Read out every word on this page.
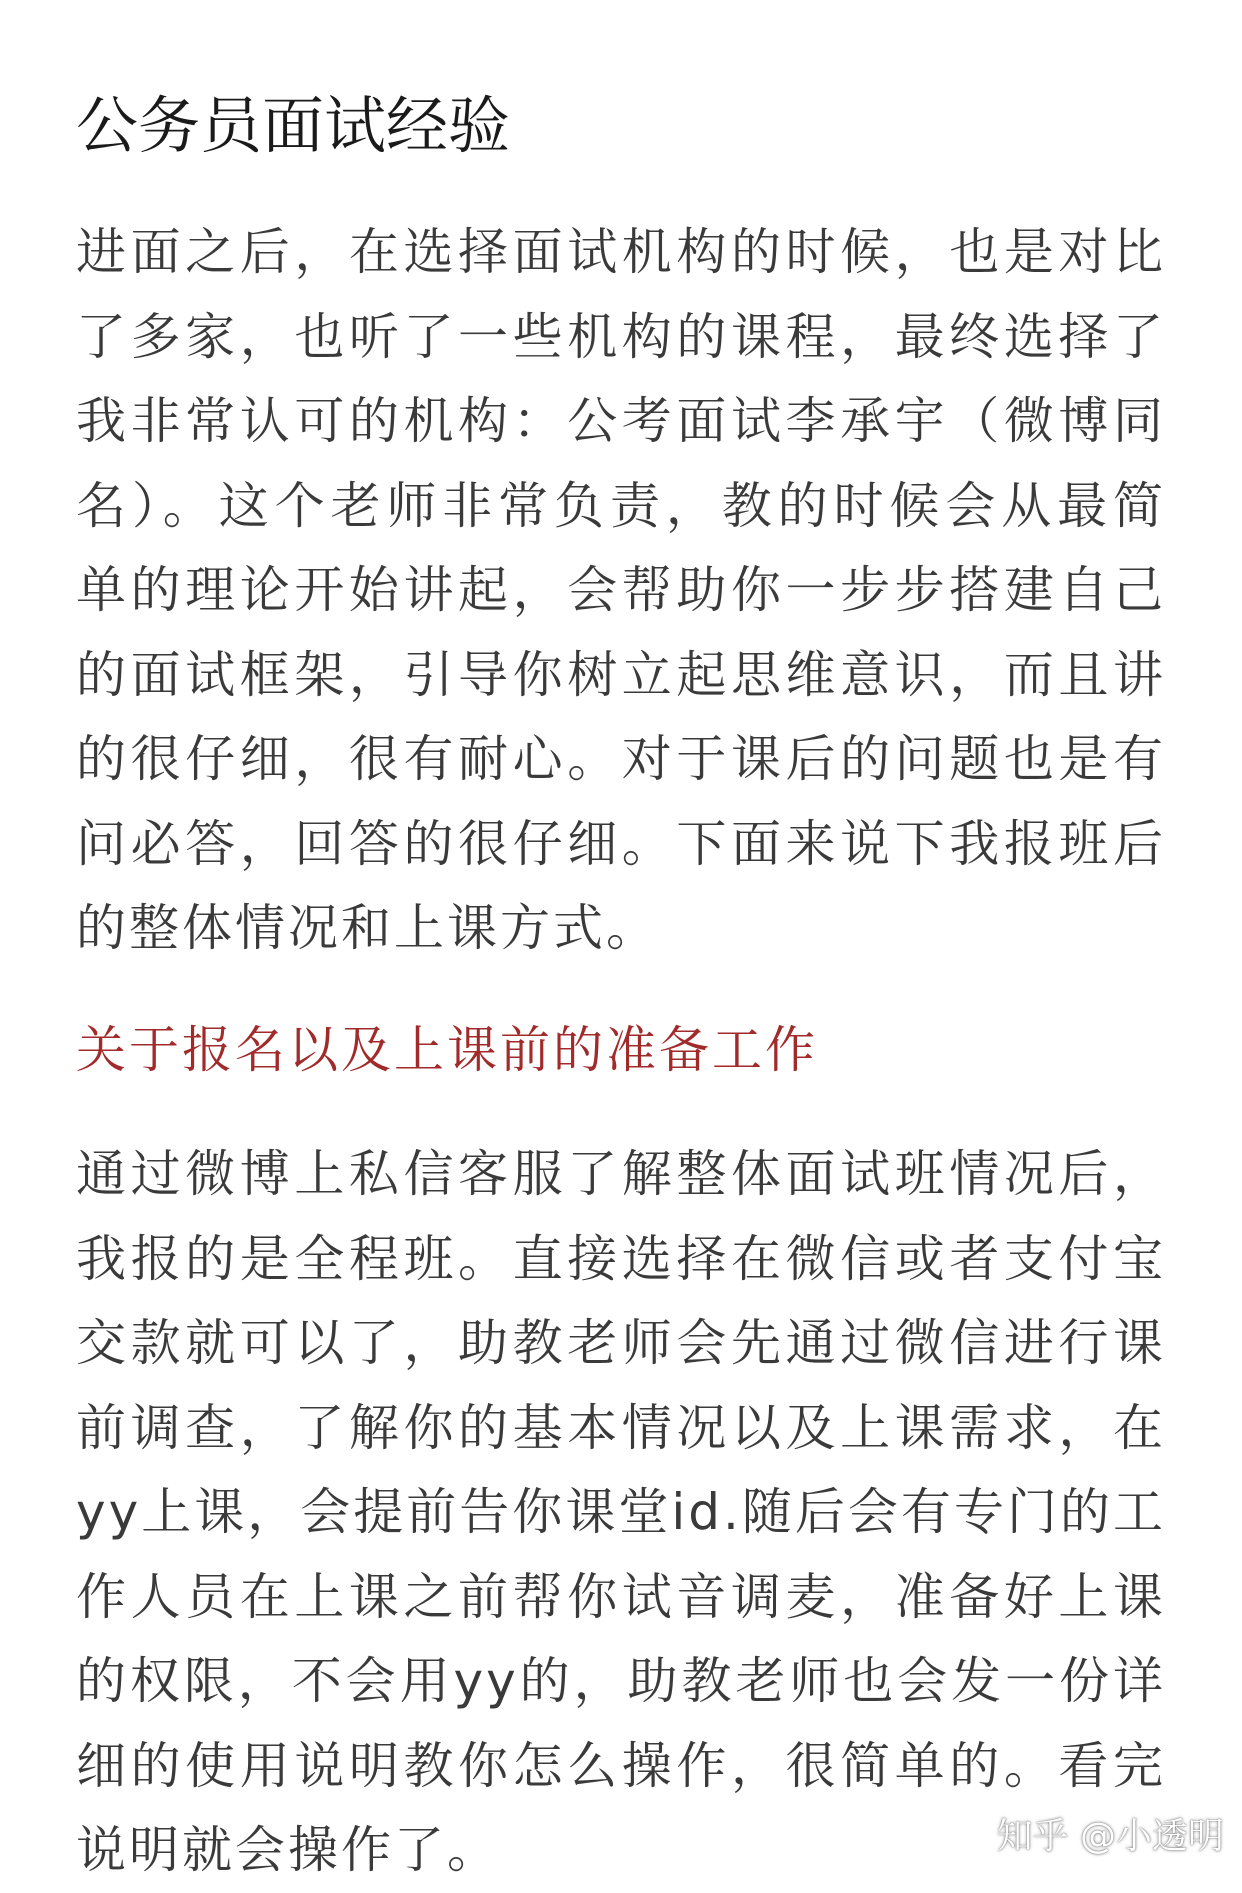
公务员面试经验
进面之后，在选择面试机构的时候，也是对比
了多家，也听了一些机构的课程，最终选择了
我非常认可的机构：公考面试李承宇（微博同
名）。这个老师非常负责，教的时候会从最简
单的理论开始讲起，会帮助你一步步搭建自己
的面试框架，引导你树立起思维意识，而且讲
的很仔细，很有耐心。对于课后的问题也是有
问必答，回答的很仔细。下面来说下我报班后
的整体情况和上课方式。
关于报名以及上课前的准备工作
通过微博上私信客服了解整体面试班情况后，
我报的是全程班。直接选择在微信或者支付宝
交款就可以了，助教老师会先通过微信进行课
前调查，了解你的基本情况以及上课需求，在
yy上课，会提前告你课堂id.随后会有专门的工
作人员在上课之前帮你试音调麦，准备好上课
的权限，不会用yy的，助教老师也会发一份详
细的使用说明教你怎么操作，很简单的。看完
说明就会操作了。	知乎 @小透明
